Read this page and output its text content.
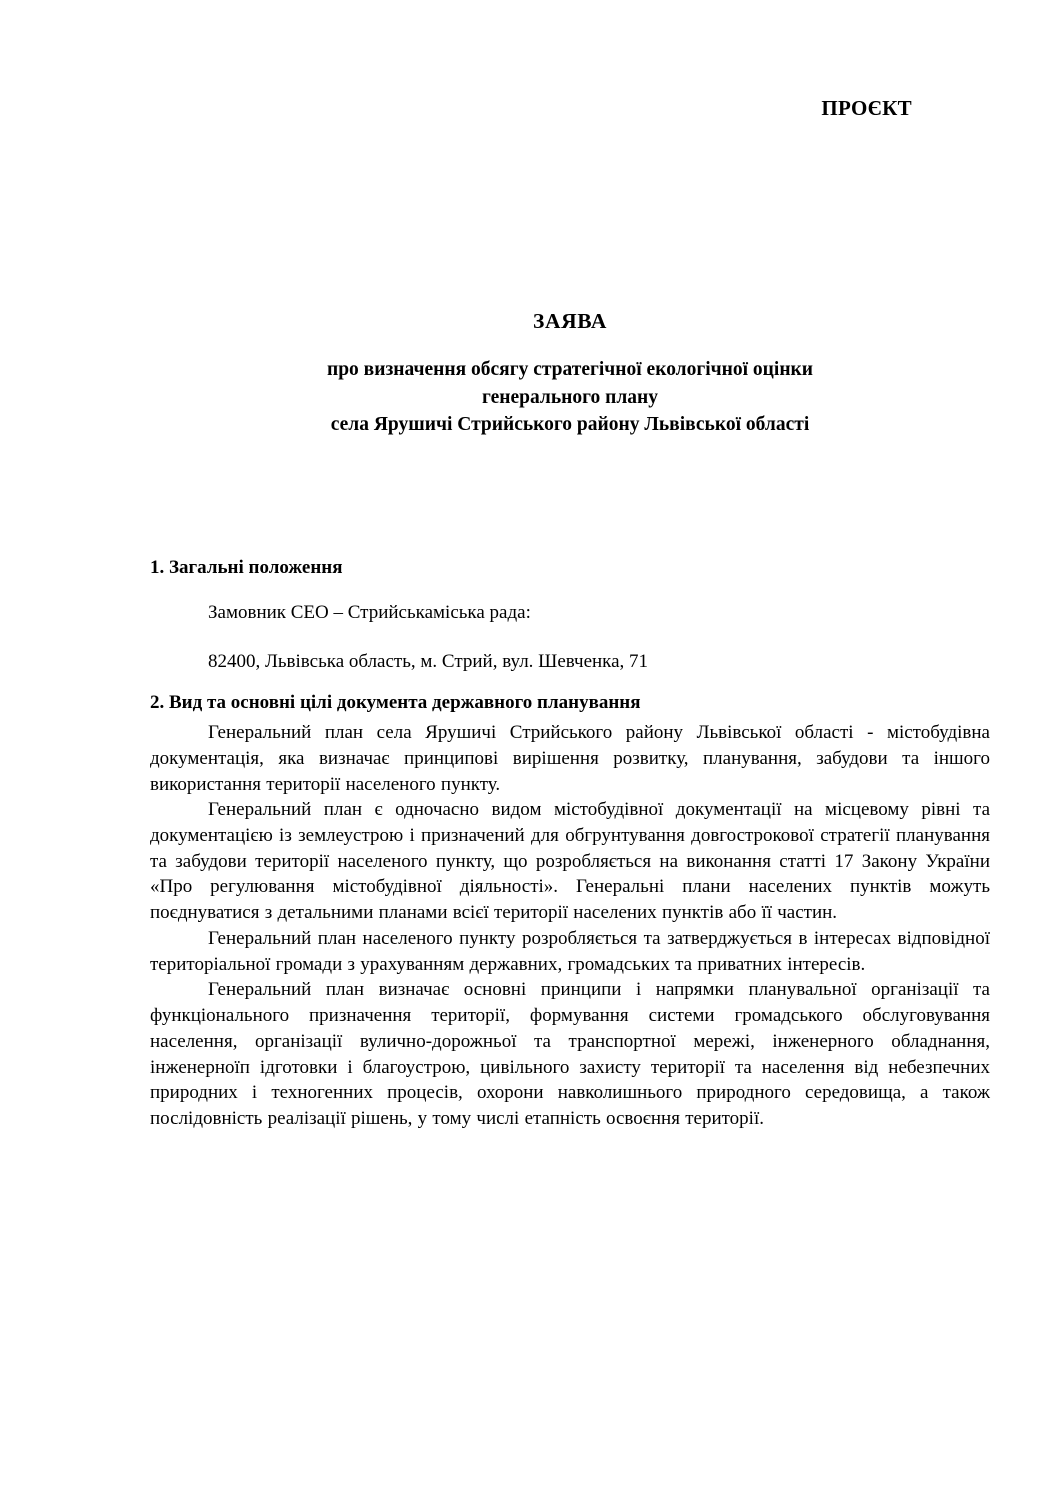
ПРОЄКТ

ЗАЯВА
про визначення обсягу стратегічної екологічної оцінки
генерального плану
села Ярушичі Стрийського району Львівської області
1. Загальні положення

Замовник СЕО – Стрийськаміська рада:

82400, Львівська область, м. Стрий, вул. Шевченка, 71

2. Вид та основні цілі документа державного планування

Генеральний план села Ярушичі Стрийського району Львівської області - містобудівна документація, яка визначає принципові вирішення розвитку, планування, забудови та іншого використання території населеного пункту.

Генеральний план є одночасно видом містобудівної документації на місцевому рівні та документацією із землеустрою і призначений для обгрунтування довгострокової стратегії планування та забудови території населеного пункту, що розробляється на виконання статті 17 Закону України «Про регулювання містобудівної діяльності». Генеральні плани населених пунктів можуть поєднуватися з детальними планами всієї території населених пунктів або її частин.

Генеральний план населеного пункту розробляється та затверджується в інтересах відповідної територіальної громади з урахуванням державних, громадських та приватних інтересів.

Генеральний план визначає основні принципи і напрямки планувальної організації та функціонального призначення території, формування системи громадського обслуговування населення, організації вулично-дорожньої та транспортної мережі, інженерного обладнання, інженерноїп ідготовки і благоустрою, цивільного захисту території та населення від небезпечних природних і техногенних процесів, охорони навколишнього природного середовища, а також послідовність реалізації рішень, у тому числі етапність освоєння території.
